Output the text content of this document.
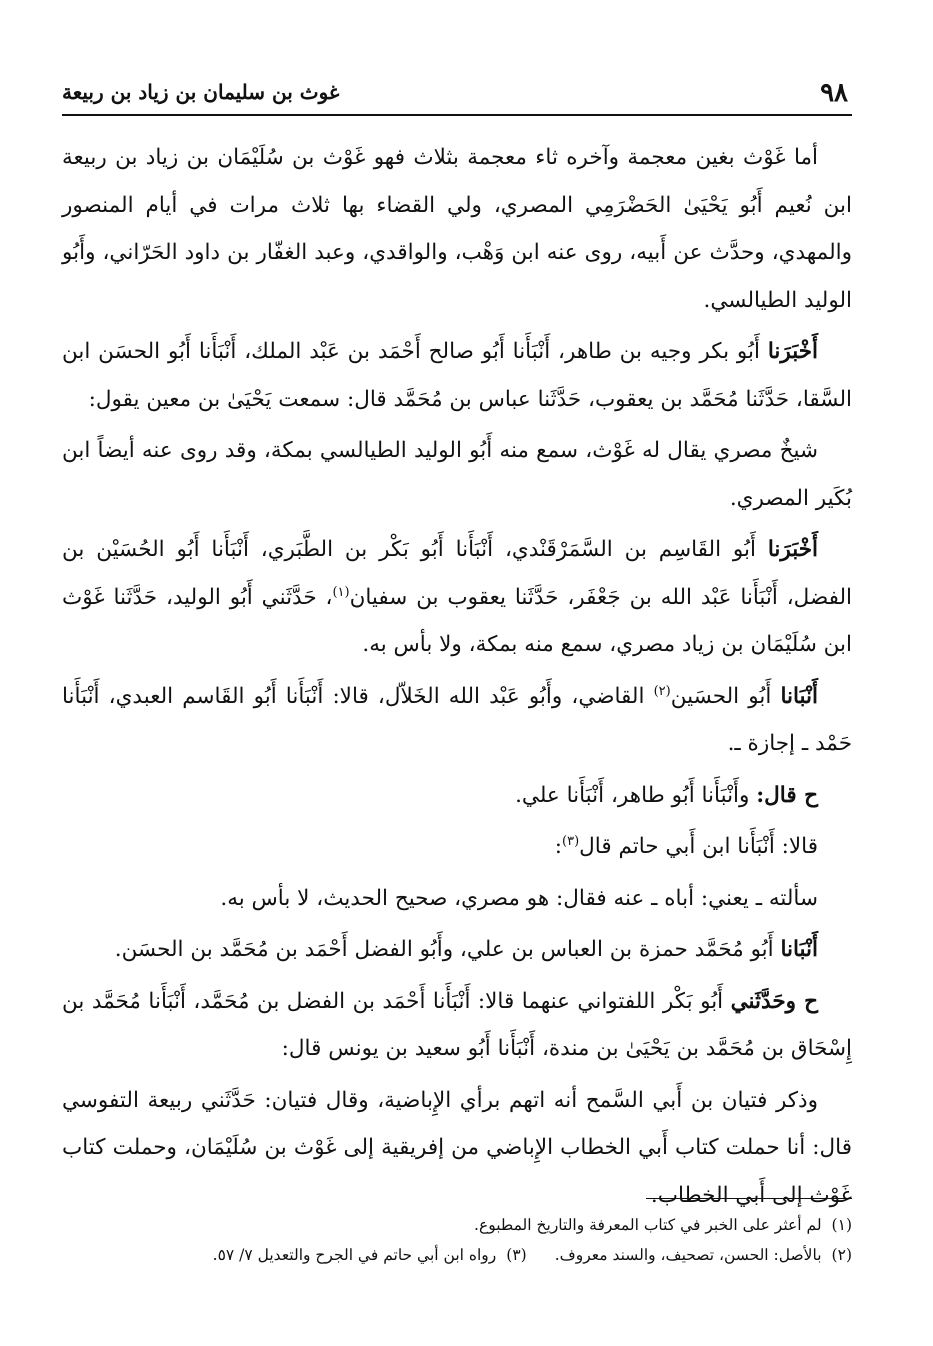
٩٨
غوث بن سليمان بن زياد بن ربيعة

أما غَوْث بغين معجمة وآخره ثاء معجمة بثلاث فهو غَوْث بن سُلَيْمَان بن زياد بن ربيعة ابن نُعيم أَبُو يَحْيَىٰ الحَضْرَمِي المصري، ولي القضاء بها ثلاث مرات في أيام المنصور والمهدي، وحدَّث عن أَبيه، روى عنه ابن وَهْب، والواقدي، وعبد الغفّار بن داود الحَرّاني، وأَبُو الوليد الطيالسي.

أَخْبَرَنا أَبُو بكر وجيه بن طاهر، أَنْبَأَنا أَبُو صالح أَحْمَد بن عَبْد الملك، أَنْبَأَنا أَبُو الحسَن ابن السَّقا، حَدَّثَنا مُحَمَّد بن يعقوب، حَدَّثَنا عباس بن مُحَمَّد قال: سمعت يَحْيَىٰ بن معين يقول:

شيخٌ مصري يقال له غَوْث، سمع منه أَبُو الوليد الطيالسي بمكة، وقد روى عنه أيضاً ابن بُكَير المصري.

أَخْبَرَنا أَبُو القَاسِم بن السَّمَرْقَنْدي، أَنْبَأَنا أَبُو بَكْر بن الطَّبَري، أَنْبَأَنا أَبُو الحُسَيْن بن الفضل، أَنْبَأَنا عَبْد الله بن جَعْفَر، حَدَّثَنا يعقوب بن سفيان$^{(١)}$، حَدَّثَني أَبُو الوليد، حَدَّثَنا غَوْث ابن سُلَيْمَان بن زياد مصري، سمع منه بمكة، ولا بأس به.

أَنْبَانا أَبُو الحسَين$^{(٢)}$ القاضي، وأَبُو عَبْد الله الخَلاّل، قالا: أَنْبَأَنا أَبُو القَاسم العبدي، أَنْبَأَنا حَمْد ـ إجازة ـ.

ح قال: وأَنْبَأَنا أَبُو طاهر، أَنْبَأَنا علي.

قالا: أَنْبَأَنا ابن أَبي حاتم قال$^{(٣)}$:

سألته ـ يعني: أباه ـ عنه فقال: هو مصري، صحيح الحديث، لا بأس به.

أَنْبَانا أَبُو مُحَمَّد حمزة بن العباس بن علي، وأَبُو الفضل أَحْمَد بن مُحَمَّد بن الحسَن.

ح وحَدَّثَني أَبُو بَكْر اللفتواني عنهما قالا: أَنْبَأَنا أَحْمَد بن الفضل بن مُحَمَّد، أَنْبَأَنا مُحَمَّد بن إِسْحَاق بن مُحَمَّد بن يَحْيَىٰ بن مندة، أَنْبَأَنا أَبُو سعيد بن يونس قال:

وذكر فتيان بن أَبي السَّمح أنه اتهم برأي الإِباضية، وقال فتيان: حَدَّثَني ربيعة التفوسي قال: أنا حملت كتاب أَبي الخطاب الإِباضي من إفريقية إلى غَوْث بن سُلَيْمَان، وحملت كتاب غَوْث إلى أَبي الخطاب.

(١)لم أعثر على الخبر في كتاب المعرفة والتاريخ المطبوع.
(٢)بالأصل: الحسن، تصحيف، والسند معروف.(٣)رواه ابن أبي حاتم في الجرح والتعديل ٧/ ٥٧.
